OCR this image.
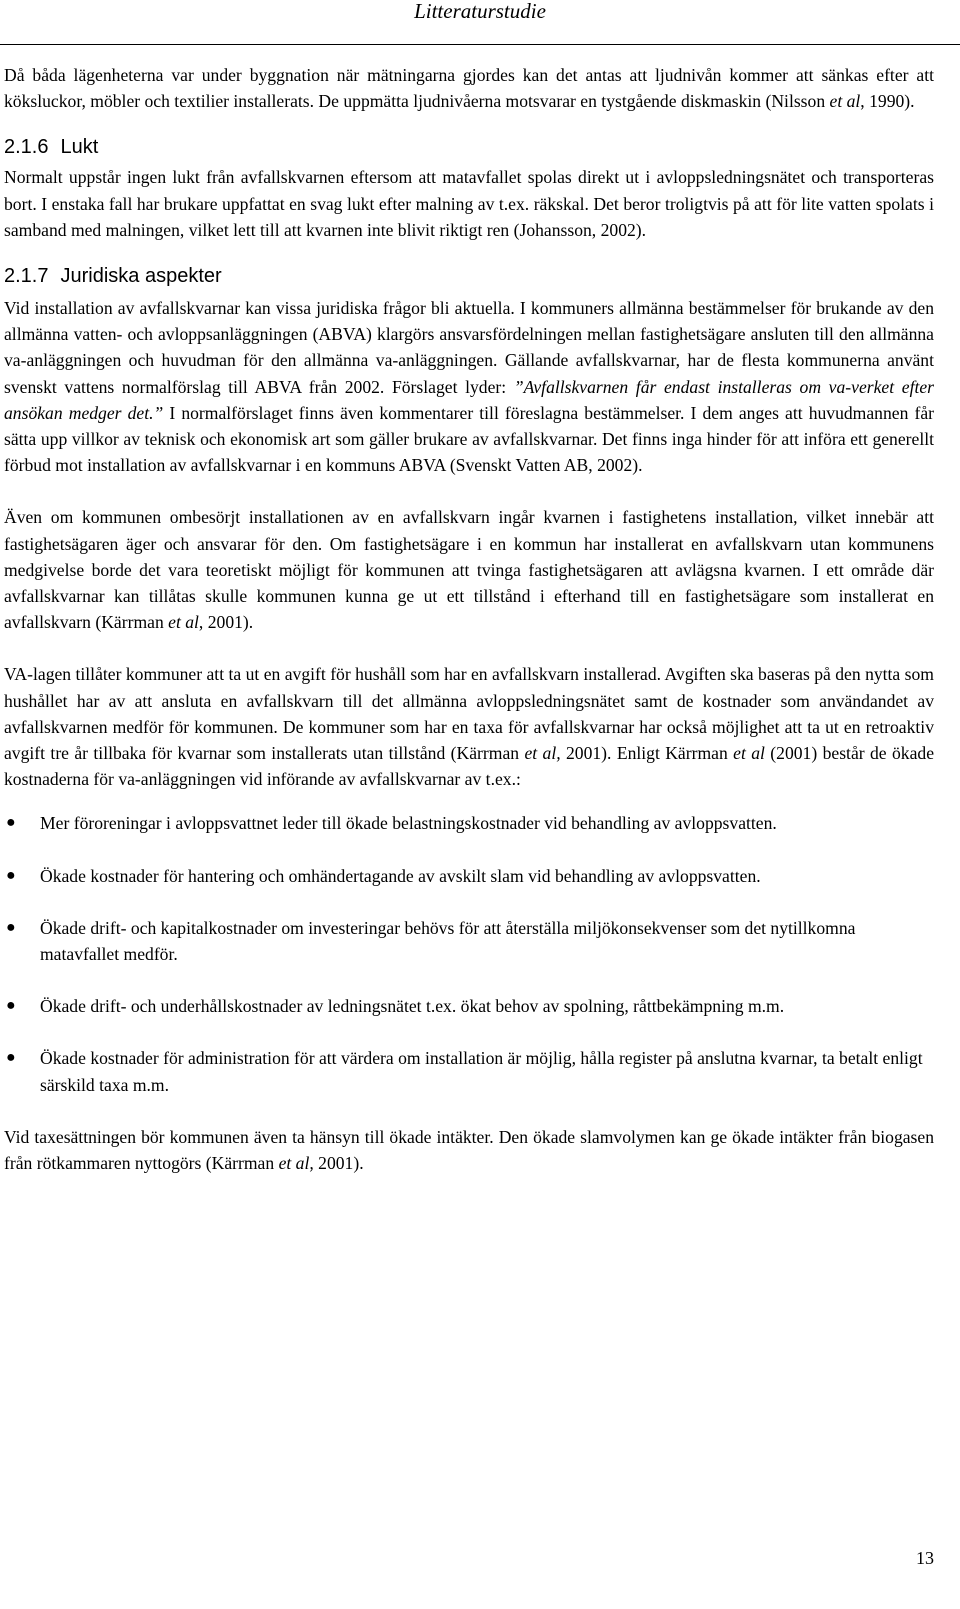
Litteraturstudie

Då båda lägenheterna var under byggnation när mätningarna gjordes kan det antas att ljudnivån kommer att sänkas efter att köksluckor, möbler och textilier installerats. De uppmätta ljudnivåerna motsvarar en tystgående diskmaskin (Nilsson et al, 1990).

2.1.6 Lukt

Normalt uppstår ingen lukt från avfallskvarnen eftersom att matavfallet spolas direkt ut i avloppsledningsnätet och transporteras bort. I enstaka fall har brukare uppfattat en svag lukt efter malning av t.ex. räkskal. Det beror troligtvis på att för lite vatten spolats i samband med malningen, vilket lett till att kvarnen inte blivit riktigt ren (Johansson, 2002).

2.1.7 Juridiska aspekter

Vid installation av avfallskvarnar kan vissa juridiska frågor bli aktuella. I kommuners allmänna bestämmelser för brukande av den allmänna vatten- och avloppsanläggningen (ABVA) klargörs ansvarsfördelningen mellan fastighetsägare ansluten till den allmänna va-anläggningen och huvudman för den allmänna va-anläggningen. Gällande avfallskvarnar, har de flesta kommunerna använt svenskt vattens normalförslag till ABVA från 2002. Förslaget lyder: ”Avfallskvarnen får endast installeras om va-verket efter ansökan medger det.” I normalförslaget finns även kommentarer till föreslagna bestämmelser. I dem anges att huvudmannen får sätta upp villkor av teknisk och ekonomisk art som gäller brukare av avfallskvarnar. Det finns inga hinder för att införa ett generellt förbud mot installation av avfallskvarnar i en kommuns ABVA (Svenskt Vatten AB, 2002).

Även om kommunen ombesörjt installationen av en avfallskvarn ingår kvarnen i fastighetens installation, vilket innebär att fastighetsägaren äger och ansvarar för den. Om fastighetsägare i en kommun har installerat en avfallskvarn utan kommunens medgivelse borde det vara teoretiskt möjligt för kommunen att tvinga fastighetsägaren att avlägsna kvarnen. I ett område där avfallskvarnar kan tillåtas skulle kommunen kunna ge ut ett tillstånd i efterhand till en fastighetsägare som installerat en avfallskvarn (Kärrman et al, 2001).

VA-lagen tillåter kommuner att ta ut en avgift för hushåll som har en avfallskvarn installerad. Avgiften ska baseras på den nytta som hushållet har av att ansluta en avfallskvarn till det allmänna avloppsledningsnätet samt de kostnader som användandet av avfallskvarnen medför för kommunen. De kommuner som har en taxa för avfallskvarnar har också möjlighet att ta ut en retroaktiv avgift tre år tillbaka för kvarnar som installerats utan tillstånd (Kärrman et al, 2001). Enligt Kärrman et al (2001) består de ökade kostnaderna för va-anläggningen vid införande av avfallskvarnar av t.ex.:

● Mer föroreningar i avloppsvattnet leder till ökade belastningskostnader vid behandling av avloppsvatten.
● Ökade kostnader för hantering och omhändertagande av avskilt slam vid behandling av avloppsvatten.
● Ökade drift- och kapitalkostnader om investeringar behövs för att återställa miljökonsekvenser som det nytillkomna matavfallet medför.
● Ökade drift- och underhållskostnader av ledningsnätet t.ex. ökat behov av spolning, råttbekämpning m.m.
● Ökade kostnader för administration för att värdera om installation är möjlig, hålla register på anslutna kvarnar, ta betalt enligt särskild taxa m.m.

Vid taxesättningen bör kommunen även ta hänsyn till ökade intäkter. Den ökade slamvolymen kan ge ökade intäkter från biogasen från rötkammaren nyttogörs (Kärrman et al, 2001).

13
